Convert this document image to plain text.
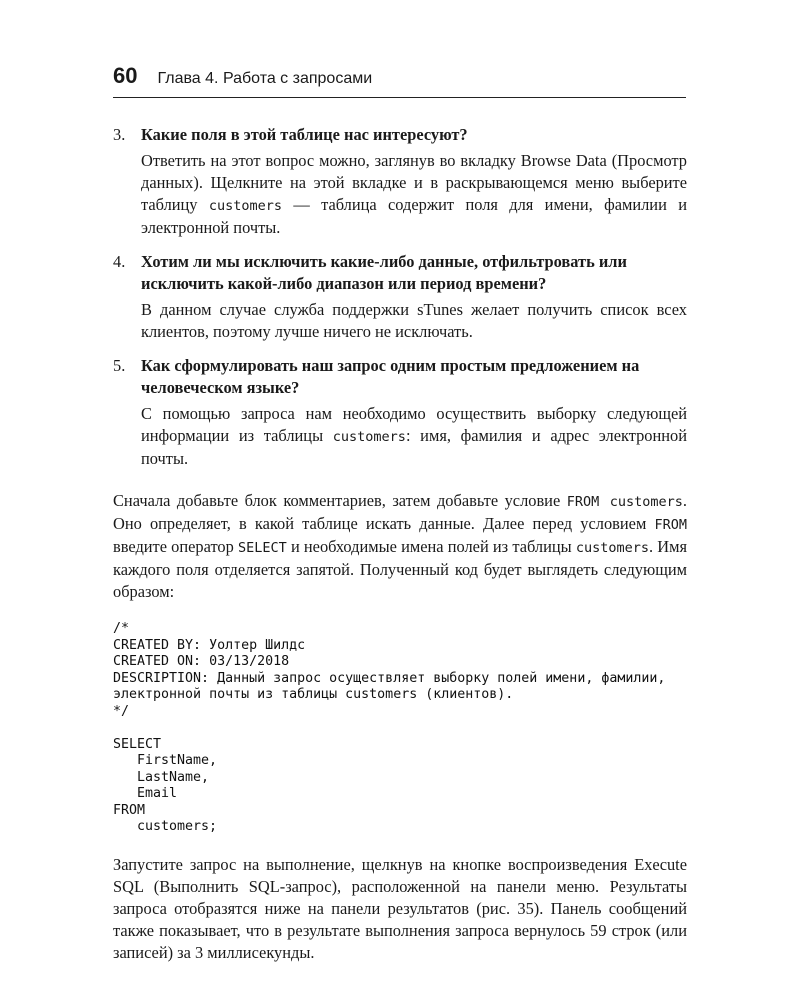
60 Глава 4. Работа с запросами
3. Какие поля в этой таблице нас интересуют?
Ответить на этот вопрос можно, заглянув во вкладку Browse Data (Просмотр данных). Щелкните на этой вкладке и в раскрывающемся меню выберите таблицу customers — таблица содержит поля для имени, фамилии и электронной почты.
4. Хотим ли мы исключить какие-либо данные, отфильтровать или исключить какой-либо диапазон или период времени?
В данном случае служба поддержки sTunes желает получить список всех клиентов, поэтому лучше ничего не исключать.
5. Как сформулировать наш запрос одним простым предложением на человеческом языке?
С помощью запроса нам необходимо осуществить выборку следующей информации из таблицы customers: имя, фамилия и адрес электронной почты.
Сначала добавьте блок комментариев, затем добавьте условие FROM customers. Оно определяет, в какой таблице искать данные. Далее перед условием FROM введите оператор SELECT и необходимые имена полей из таблицы customers. Имя каждого поля отделяется запятой. Полученный код будет выглядеть следующим образом:
/*
CREATED BY: Уолтер Шилдс
CREATED ON: 03/13/2018
DESCRIPTION: Данный запрос осуществляет выборку полей имени, фамилии,
электронной почты из таблицы customers (клиентов).
*/
SELECT
FirstName,
LastName,
Email
FROM
customers;
Запустите запрос на выполнение, щелкнув на кнопке воспроизведения Execute SQL (Выполнить SQL-запрос), расположенной на панели меню. Результаты запроса отобразятся ниже на панели результатов (рис. 35). Панель сообщений также показывает, что в результате выполнения запроса вернулось 59 строк (или записей) за 3 миллисекунды.
